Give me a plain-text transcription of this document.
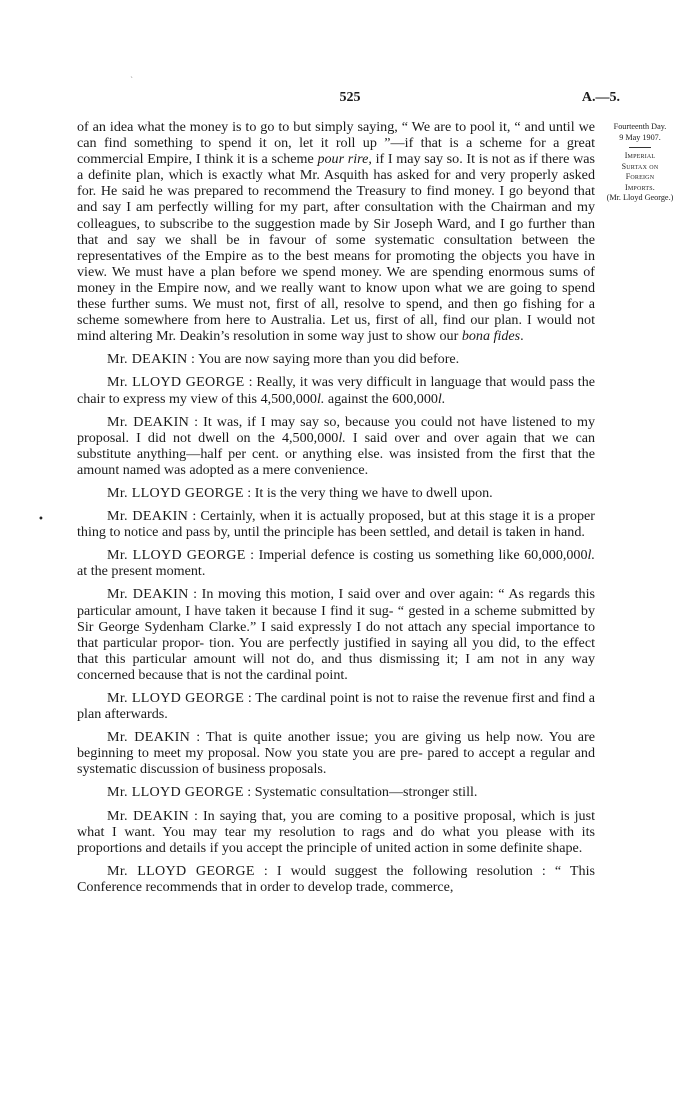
ˋ
525	A.—5.
Fourteenth Day.
9 May 1907.
Imperial
Surtax on
Foreign
Imports.
(Mr. Lloyd George.)
•

of an idea what the money is to go to but simply saying, “ We are to pool it, “ and until we can find something to spend it on, let it roll up ”—if that is a scheme for a great commercial Empire, I think it is a scheme pour rire, if I may say so. It is not as if there was a definite plan, which is exactly what Mr. Asquith has asked for and very properly asked for. He said he was prepared to recommend the Treasury to find money. I go beyond that and say I am perfectly willing for my part, after consultation with the Chairman and my colleagues, to subscribe to the suggestion made by Sir Joseph Ward, and I go further than that and say we shall be in favour of some systematic consultation between the representatives of the Empire as to the best means for promoting the objects you have in view. We must have a plan before we spend money. We are spending enormous sums of money in the Empire now, and we really want to know upon what we are going to spend these further sums. We must not, first of all, resolve to spend, and then go fishing for a scheme somewhere from here to Australia. Let us, first of all, find our plan. I would not mind altering Mr. Deakin’s resolution in some way just to show our bona fides.

Mr. DEAKIN : You are now saying more than you did before.

Mr. LLOYD GEORGE : Really, it was very difficult in language that would pass the chair to express my view of this 4,500,000l. against the 600,000l.

Mr. DEAKIN : It was, if I may say so, because you could not have listened to my proposal. I did not dwell on the 4,500,000l. I said over and over again that we can substitute anything—half per cent. or anything else. was insisted from the first that the amount named was adopted as a mere convenience.

Mr. LLOYD GEORGE : It is the very thing we have to dwell upon.

Mr. DEAKIN : Certainly, when it is actually proposed, but at this stage it is a proper thing to notice and pass by, until the principle has been settled, and detail is taken in hand.

Mr. LLOYD GEORGE : Imperial defence is costing us something like 60,000,000l. at the present moment.

Mr. DEAKIN : In moving this motion, I said over and over again: “ As regards this particular amount, I have taken it because I find it sug- “ gested in a scheme submitted by Sir George Sydenham Clarke.” I said expressly I do not attach any special importance to that particular propor- tion. You are perfectly justified in saying all you did, to the effect that this particular amount will not do, and thus dismissing it; I am not in any way concerned because that is not the cardinal point.

Mr. LLOYD GEORGE : The cardinal point is not to raise the revenue first and find a plan afterwards.

Mr. DEAKIN : That is quite another issue; you are giving us help now. You are beginning to meet my proposal. Now you state you are pre- pared to accept a regular and systematic discussion of business proposals.

Mr. LLOYD GEORGE : Systematic consultation—stronger still.

Mr. DEAKIN : In saying that, you are coming to a positive proposal, which is just what I want. You may tear my resolution to rags and do what you please with its proportions and details if you accept the principle of united action in some definite shape.

Mr. LLOYD GEORGE : I would suggest the following resolution : “ This Conference recommends that in order to develop trade, commerce,
